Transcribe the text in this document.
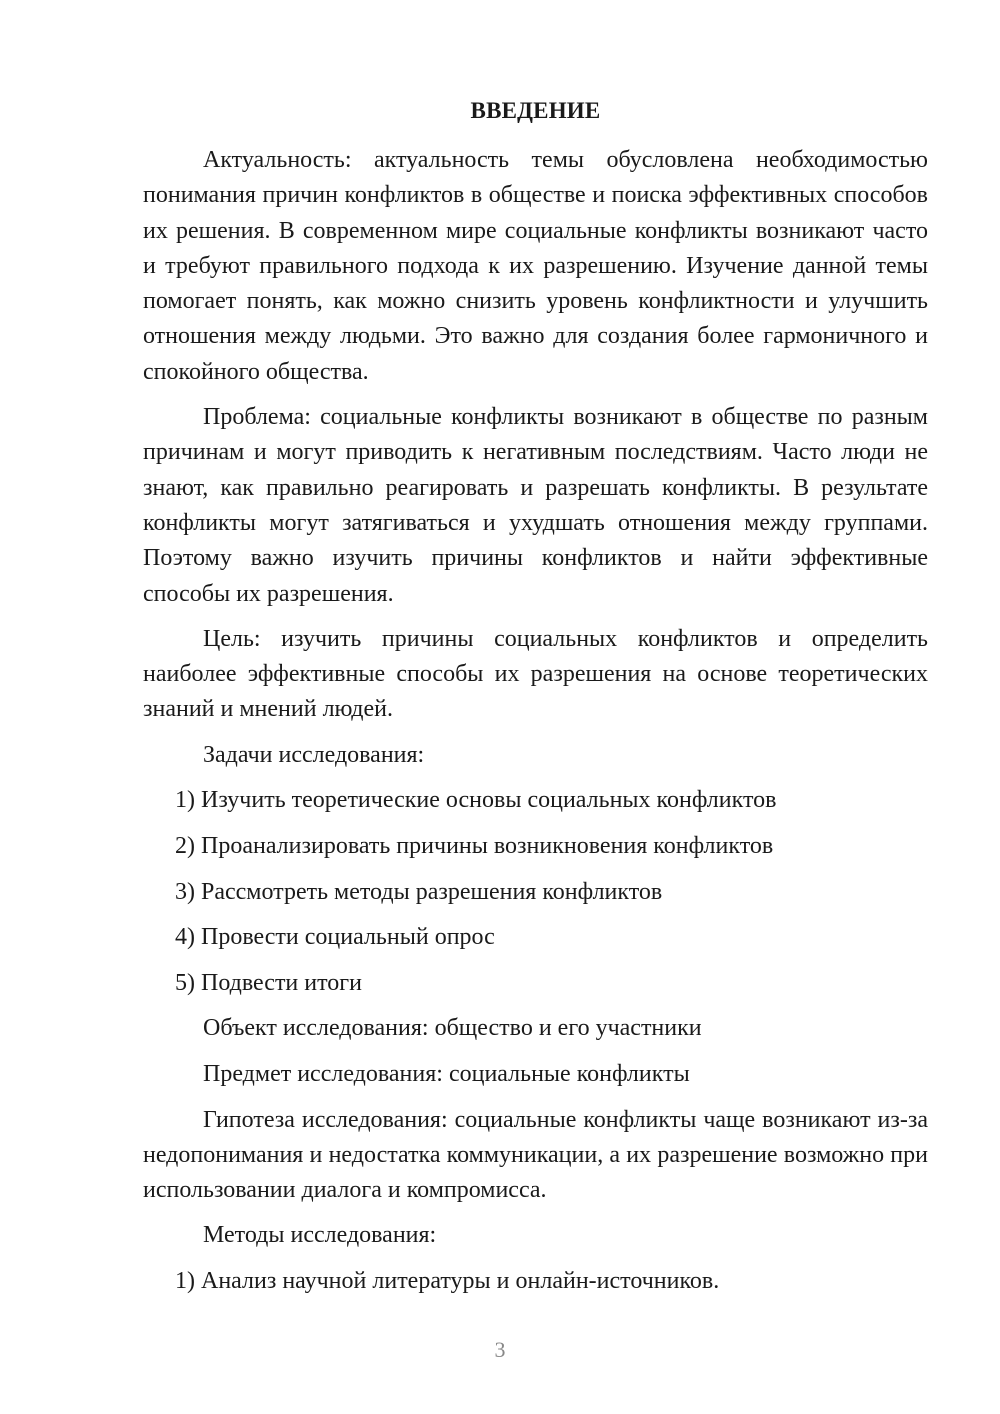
ВВЕДЕНИЕ

Актуальность: актуальность темы обусловлена необходимостью понимания причин конфликтов в обществе и поиска эффективных способов их решения. В современном мире социальные конфликты возникают часто и требуют правильного подхода к их разрешению. Изучение данной темы помогает понять, как можно снизить уровень конфликтности и улучшить отношения между людьми. Это важно для создания более гармоничного и спокойного общества.

Проблема: социальные конфликты возникают в обществе по разным причинам и могут приводить к негативным последствиям. Часто люди не знают, как правильно реагировать и разрешать конфликты. В результате конфликты могут затягиваться и ухудшать отношения между группами. Поэтому важно изучить причины конфликтов и найти эффективные способы их разрешения.

Цель: изучить причины социальных конфликтов и определить наиболее эффективные способы их разрешения на основе теоретических знаний и мнений людей.

Задачи исследования:
1) Изучить теоретические основы социальных конфликтов
2) Проанализировать причины возникновения конфликтов
3) Рассмотреть методы разрешения конфликтов
4) Провести социальный опрос
5) Подвести итоги
Объект исследования: общество и его участники
Предмет исследования: социальные конфликты

Гипотеза исследования: социальные конфликты чаще возникают из-за недопонимания и недостатка коммуникации, а их разрешение возможно при использовании диалога и компромисса.

Методы исследования:
1) Анализ научной литературы и онлайн-источников.
3
